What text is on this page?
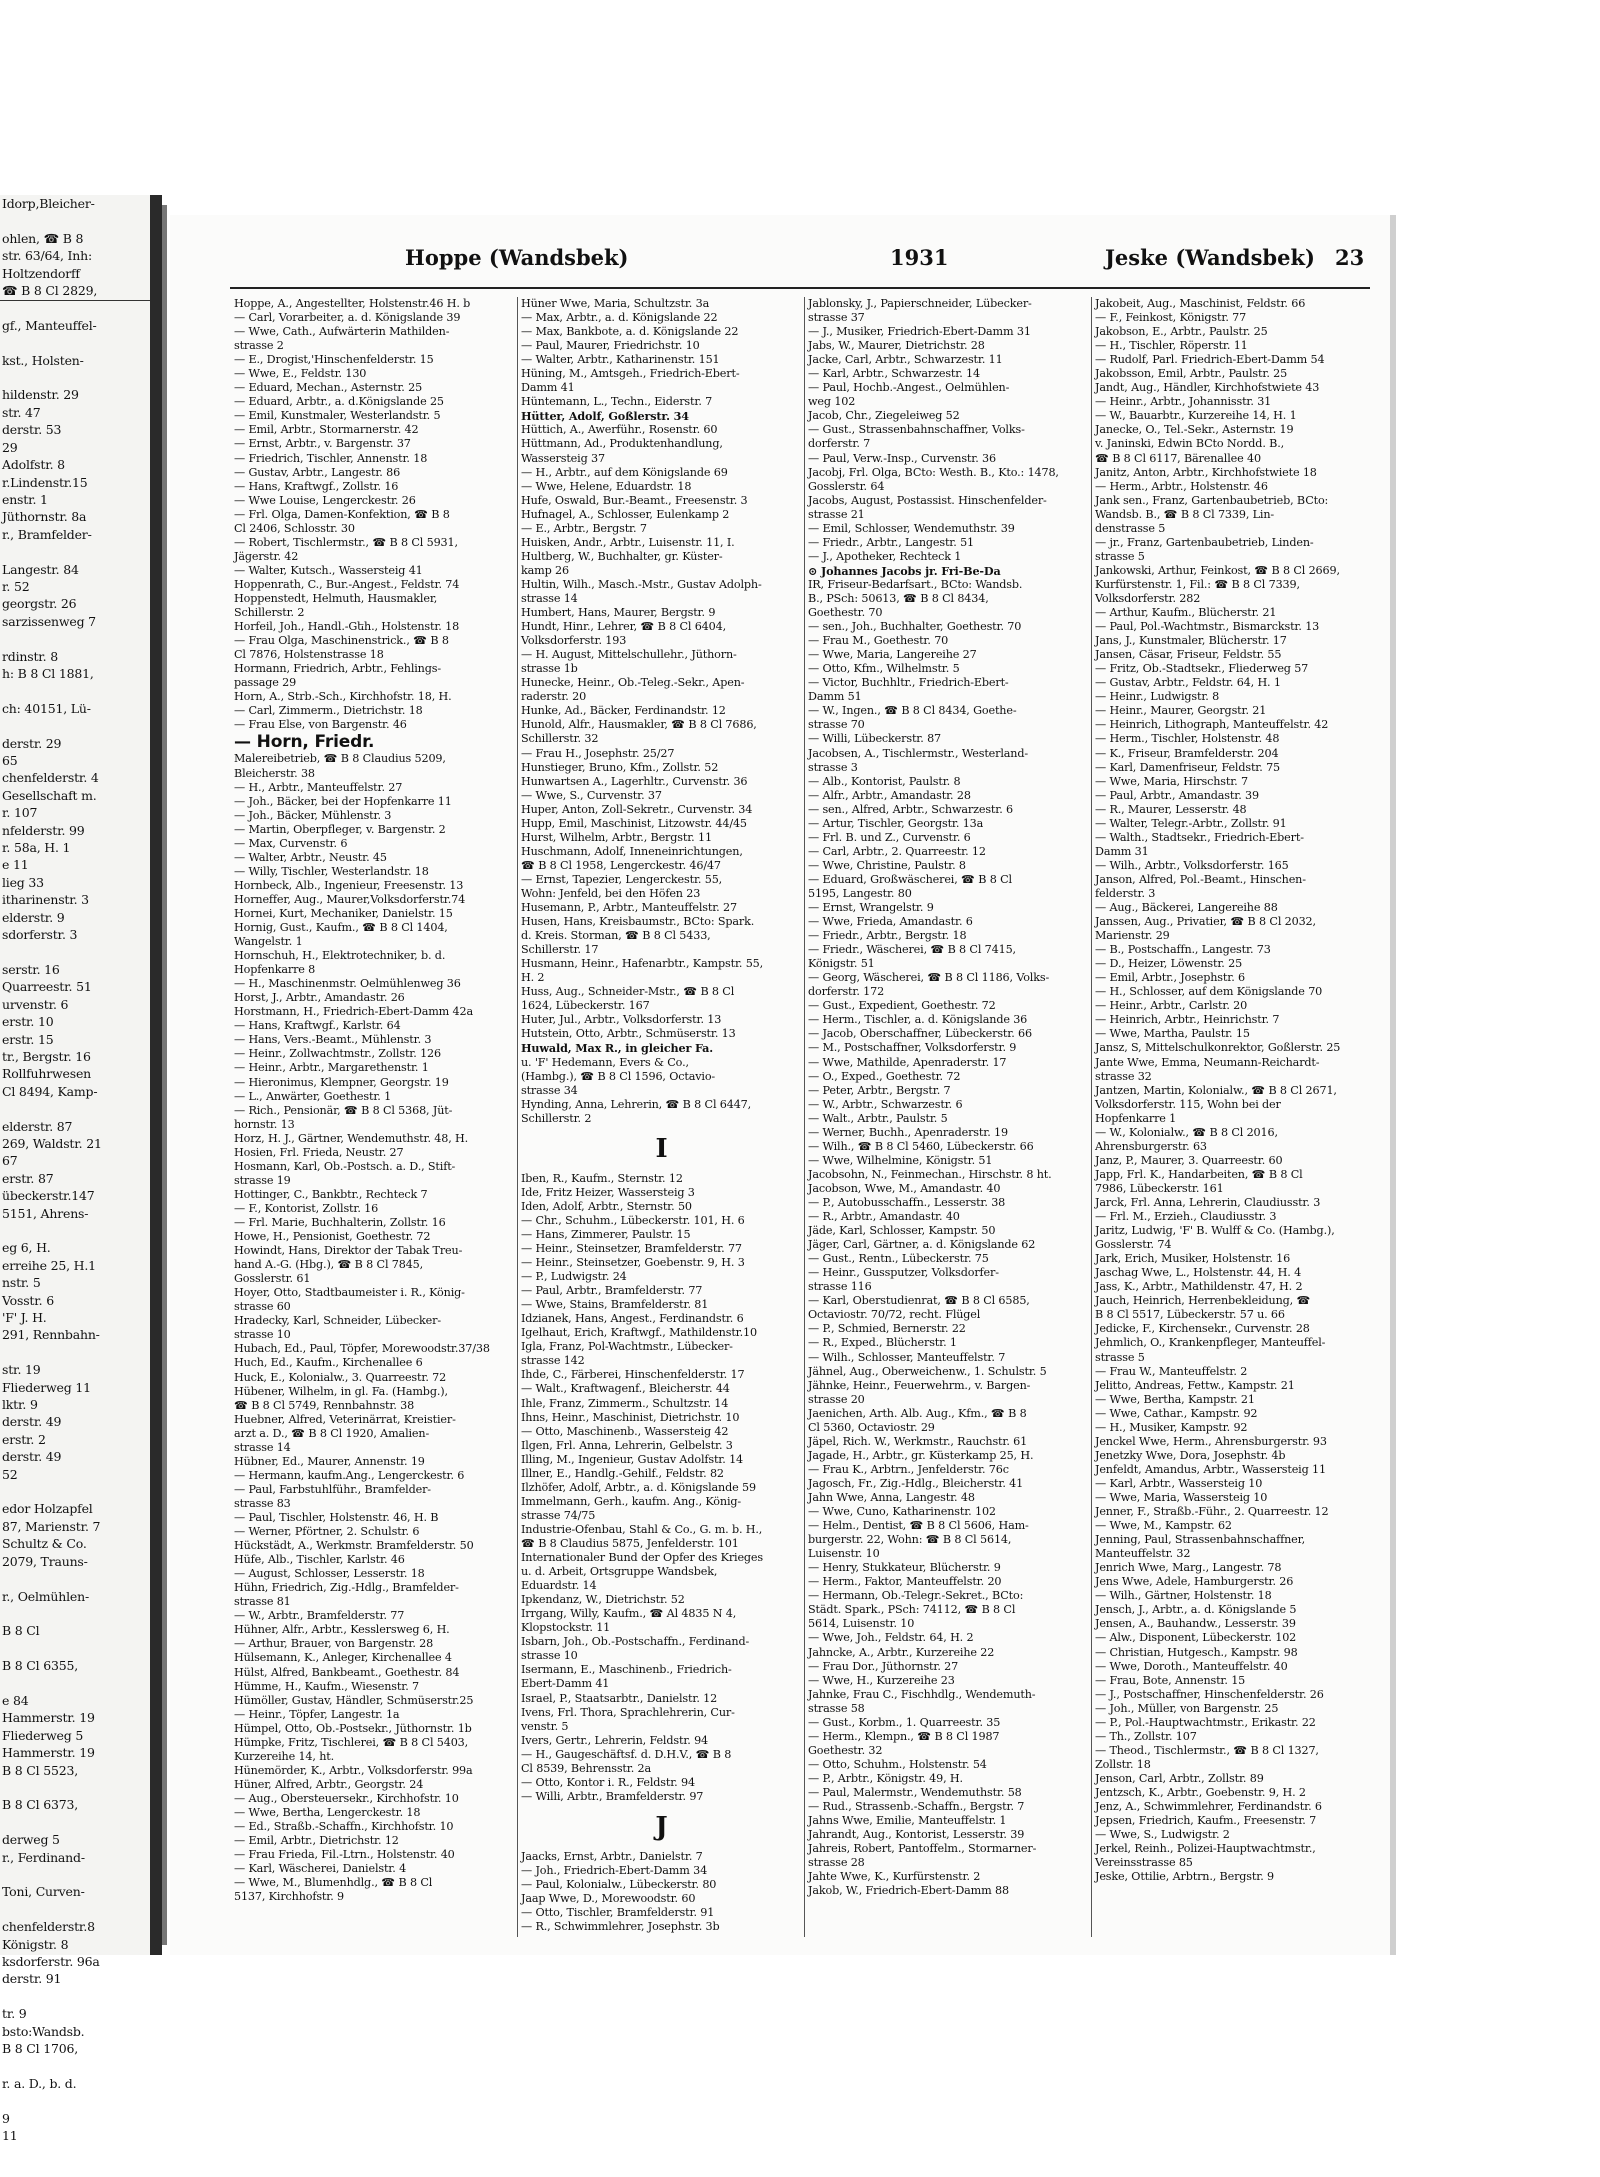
Idorp,Bleicher-

ohlen, ☎ B 8
str. 63/64, Inh:
Holtzendorff
☎ B 8 Cl 2829,

gf., Manteuffel-

kst., Holsten-

hildenstr. 29
str. 47
derstr. 53
29
Adolfstr. 8
r.Lindenstr.15
enstr. 1
Jüthornstr. 8a
r., Bramfelder-

Langestr. 84
r. 52
georgstr. 26
sarzissenweg 7

rdinstr. 8
h: B 8 Cl 1881,

ch: 40151, Lü-

derstr. 29
65
chenfelderstr. 4
Gesellschaft m.
r. 107
nfelderstr. 99
r. 58a, H. 1
e 11
lieg 33
itharinenstr. 3
elderstr. 9
sdorferstr. 3

serstr. 16
Quarreestr. 51
urvenstr. 6
erstr. 10
erstr. 15
tr., Bergstr. 16
Rollfuhrwesen
Cl 8494, Kamp-

elderstr. 87
269, Waldstr. 21
67
erstr. 87
übeckerstr.147
5151, Ahrens-

eg 6, H.
erreihe 25, H.1
nstr. 5
Vosstr. 6
'F' J. H.
291, Rennbahn-

str. 19
Fliederweg 11
lktr. 9
derstr. 49
erstr. 2
derstr. 49
52

edor Holzapfel
87, Marienstr. 7
Schultz & Co.
2079, Trauns-

r., Oelmühlen-

B 8 Cl

B 8 Cl 6355,

e 84
Hammerstr. 19
Fliederweg 5
Hammerstr. 19
B 8 Cl 5523,

B 8 Cl 6373,

derweg 5
r., Ferdinand-

Toni, Curven-

chenfelderstr.8
Königstr. 8
ksdorferstr. 96a
derstr. 91

tr. 9
bsto:Wandsb.
B 8 Cl 1706,

r. a. D., b. d.

9
11
Hoppe (Wandsbek)	1931	Jeske (Wandsbek) 23
Hoppe, A., Angestellter, Holstenstr.46 H. b
— Carl, Vorarbeiter, a. d. Königslande 39
— Wwe, Cath., Aufwärterin Mathilden-
strasse 2
— E., Drogist,'Hinschenfelderstr. 15
— Wwe, E., Feldstr. 130
— Eduard, Mechan., Asternstr. 25
— Eduard, Arbtr., a. d.Königslande 25
— Emil, Kunstmaler, Westerlandstr. 5
— Emil, Arbtr., Stormarnerstr. 42
— Ernst, Arbtr., v. Bargenstr. 37
— Friedrich, Tischler, Annenstr. 18
— Gustav, Arbtr., Langestr. 86
— Hans, Kraftwgf., Zollstr. 16
— Wwe Louise, Lengerckestr. 26
— Frl. Olga, Damen-Konfektion, ☎ B 8
Cl 2406, Schlosstr. 30
— Robert, Tischlermstr., ☎ B 8 Cl 5931,
Jägerstr. 42
— Walter, Kutsch., Wassersteig 41
Hoppenrath, C., Bur.-Angest., Feldstr. 74
Hoppenstedt, Helmuth, Hausmakler,
Schillerstr. 2
Horfeil, Joh., Handl.-Gեh., Holstenstr. 18
— Frau Olga, Maschinenstrick., ☎ B 8
Cl 7876, Holstenstrasse 18
Hormann, Friedrich, Arbtr., Fehlings-
passage 29
Horn, A., Strb.-Sch., Kirchhofstr. 18, H.
— Carl, Zimmerm., Dietrichstr. 18
— Frau Else, von Bargenstr. 46
— Horn, Friedr.
Malereibetrieb, ☎ B 8 Claudius 5209,
Bleicherstr. 38
— H., Arbtr., Manteuffelstr. 27
— Joh., Bäcker, bei der Hopfenkarre 11
— Joh., Bäcker, Mühlenstr. 3
— Martin, Oberpfleger, v. Bargenstr. 2
— Max, Curvenstr. 6
— Walter, Arbtr., Neustr. 45
— Willy, Tischler, Westerlandstr. 18
Hornbeck, Alb., Ingenieur, Freesenstr. 13
Horneffer, Aug., Maurer,Volksdorferstr.74
Hornei, Kurt, Mechaniker, Danielstr. 15
Hornig, Gust., Kaufm., ☎ B 8 Cl 1404,
Wangelstr. 1
Hornschuh, H., Elektrotechniker, b. d.
Hopfenkarre 8
— H., Maschinenmstr. Oelmühlenweg 36
Horst, J., Arbtr., Amandastr. 26
Horstmann, H., Friedrich-Ebert-Damm 42a
— Hans, Kraftwgf., Karlstr. 64
— Hans, Vers.-Beamt., Mühlenstr. 3
— Heinr., Zollwachtmstr., Zollstr. 126
— Heinr., Arbtr., Margarethenstr. 1
— Hieronimus, Klempner, Georgstr. 19
— L., Anwärter, Goethestr. 1
— Rich., Pensionär, ☎ B 8 Cl 5368, Jüt-
hornstr. 13
Horz, H. J., Gärtner, Wendemuthstr. 48, H.
Hosien, Frl. Frieda, Neustr. 27
Hosmann, Karl, Ob.-Postsch. a. D., Stift-
strasse 19
Hottinger, C., Bankbtr., Rechteck 7
— F., Kontorist, Zollstr. 16
— Frl. Marie, Buchhalterin, Zollstr. 16
Howe, H., Pensionist, Goethestr. 72
Howindt, Hans, Direktor der Tabak Treu-
hand A.-G. (Hbg.), ☎ B 8 Cl 7845,
Gosslerstr. 61
Hoyer, Otto, Stadtbaumeister i. R., König-
strasse 60
Hradecky, Karl, Schneider, Lübecker-
strasse 10
Hubach, Ed., Paul, Töpfer, Morewoodstr.37/38
Huch, Ed., Kaufm., Kirchenallee 6
Huck, E., Kolonialw., 3. Quarreestr. 72
Hübener, Wilhelm, in gl. Fa. (Hambg.),
☎ B 8 Cl 5749, Rennbahnstr. 38
Huebner, Alfred, Veterinärrat, Kreistier-
arzt a. D., ☎ B 8 Cl 1920, Amalien-
strasse 14
Hübner, Ed., Maurer, Annenstr. 19
— Hermann, kaufm.Ang., Lengerckestr. 6
— Paul, Farbstuhlführ., Bramfelder-
strasse 83
— Paul, Tischler, Holstenstr. 46, H. B
— Werner, Pförtner, 2. Schulstr. 6
Hückstädt, A., Werkmstr. Bramfelderstr. 50
Hüfe, Alb., Tischler, Karlstr. 46
— August, Schlosser, Lesserstr. 18
Hühn, Friedrich, Zig.-Hdlg., Bramfelder-
strasse 81
— W., Arbtr., Bramfelderstr. 77
Hühner, Alfr., Arbtr., Kesslersweg 6, H.
— Arthur, Brauer, von Bargenstr. 28
Hülsemann, K., Anleger, Kirchenallee 4
Hülst, Alfred, Bankbeamt., Goethestr. 84
Hümme, H., Kaufm., Wiesenstr. 7
Hümöller, Gustav, Händler, Schmüserstr.25
— Heinr., Töpfer, Langestr. 1a
Hümpel, Otto, Ob.-Postsekr., Jüthornstr. 1b
Hümpke, Fritz, Tischlerei, ☎ B 8 Cl 5403,
Kurzereihe 14, ht.
Hünemörder, K., Arbtr., Volksdorferstr. 99a
Hüner, Alfred, Arbtr., Georgstr. 24
— Aug., Obersteuersekr., Kirchhofstr. 10
— Wwe, Bertha, Lengerckestr. 18
— Ed., Straßb.-Schaffn., Kirchhofstr. 10
— Emil, Arbtr., Dietrichstr. 12
— Frau Frieda, Fil.-Ltrn., Holstenstr. 40
— Karl, Wäscherei, Danielstr. 4
— Wwe, M., Blumenhdlg., ☎ B 8 Cl
5137, Kirchhofstr. 9
Hüner Wwe, Maria, Schultzstr. 3a
— Max, Arbtr., a. d. Königslande 22
— Max, Bankbote, a. d. Königslande 22
— Paul, Maurer, Friedrichstr. 10
— Walter, Arbtr., Katharinenstr. 151
Hüning, M., Amtsgeh., Friedrich-Ebert-
Damm 41
Hüntemann, L., Techn., Eiderstr. 7
Hütter, Adolf, Goßlerstr. 34
Hüttich, A., Awerführ., Rosenstr. 60
Hüttmann, Ad., Produktenhandlung,
Wassersteig 37
— H., Arbtr., auf dem Königslande 69
— Wwe, Helene, Eduardstr. 18
Hufe, Oswald, Bur.-Beamt., Freesenstr. 3
Hufnagel, A., Schlosser, Eulenkamp 2
— E., Arbtr., Bergstr. 7
Huisken, Andr., Arbtr., Luisenstr. 11, I.
Hultberg, W., Buchhalter, gr. Küster-
kamp 26
Hultin, Wilh., Masch.-Mstr., Gustav Adolph-
strasse 14
Humbert, Hans, Maurer, Bergstr. 9
Hundt, Hinr., Lehrer, ☎ B 8 Cl 6404,
Volksdorferstr. 193
— H. August, Mittelschullehr., Jüthorn-
strasse 1b
Hunecke, Heinr., Ob.-Teleg.-Sekr., Apen-
raderstr. 20
Hunke, Ad., Bäcker, Ferdinandstr. 12
Hunold, Alfr., Hausmakler, ☎ B 8 Cl 7686,
Schillerstr. 32
— Frau H., Josephstr. 25/27
Hunstieger, Bruno, Kfm., Zollstr. 52
Hunwartsen A., Lagerhltr., Curvenstr. 36
— Wwe, S., Curvenstr. 37
Huper, Anton, Zoll-Sekretr., Curvenstr. 34
Hupp, Emil, Maschinist, Litzowstr. 44/45
Hurst, Wilhelm, Arbtr., Bergstr. 11
Huschmann, Adolf, Inneneinrichtungen,
☎ B 8 Cl 1958, Lengerckestr. 46/47
— Ernst, Tapezier, Lengerckestr. 55,
Wohn: Jenfeld, bei den Höfen 23
Husemann, P., Arbtr., Manteuffelstr. 27
Husen, Hans, Kreisbaumstr., BCto: Spark.
d. Kreis. Storman, ☎ B 8 Cl 5433,
Schillerstr. 17
Husmann, Heinr., Hafenarbtr., Kampstr. 55,
H. 2
Huss, Aug., Schneider-Mstr., ☎ B 8 Cl
1624, Lübeckerstr. 167
Huter, Jul., Arbtr., Volksdorferstr. 13
Hutstein, Otto, Arbtr., Schmüserstr. 13
Huwald, Max R., in gleicher Fa.
u. 'F' Hedemann, Evers & Co.,
(Hambg.), ☎ B 8 Cl 1596, Octavio-
strasse 34
Hynding, Anna, Lehrerin, ☎ B 8 Cl 6447,
Schillerstr. 2
I
Iben, R., Kaufm., Sternstr. 12
Ide, Fritz Heizer, Wassersteig 3
Iden, Adolf, Arbtr., Sternstr. 50
— Chr., Schuhm., Lübeckerstr. 101, H. 6
— Hans, Zimmerer, Paulstr. 15
— Heinr., Steinsetzer, Bramfelderstr. 77
— Heinr., Steinsetzer, Goebenstr. 9, H. 3
— P., Ludwigstr. 24
— Paul, Arbtr., Bramfelderstr. 77
— Wwe, Stains, Bramfelderstr. 81
Idzianek, Hans, Angest., Ferdinandstr. 6
Igelhaut, Erich, Kraftwgf., Mathildenstr.10
Igla, Franz, Pol-Wachtmstr., Lübecker-
strasse 142
Ihde, C., Färberei, Hinschenfelderstr. 17
— Walt., Kraftwagenf., Bleicherstr. 44
Ihle, Franz, Zimmerm., Schultzstr. 14
Ihns, Heinr., Maschinist, Dietrichstr. 10
— Otto, Maschinenb., Wassersteig 42
Ilgen, Frl. Anna, Lehrerin, Gelbelstr. 3
Illing, M., Ingenieur, Gustav Adolfstr. 14
Illner, E., Handlg.-Gehilf., Feldstr. 82
Ilzhöfer, Adolf, Arbtr., a. d. Königslande 59
Immelmann, Gerh., kaufm. Ang., König-
strasse 74/75
Industrie-Ofenbau, Stahl & Co., G. m. b. H.,
☎ B 8 Claudius 5875, Jenfelderstr. 101
Internationaler Bund der Opfer des Krieges
u. d. Arbeit, Ortsgruppe Wandsbek,
Eduardstr. 14
Ipkendanz, W., Dietrichstr. 52
Irrgang, Willy, Kaufm., ☎ Al 4835 N 4,
Klopstockstr. 11
Isbarn, Joh., Ob.-Postschaffn., Ferdinand-
strasse 10
Isermann, E., Maschinenb., Friedrich-
Ebert-Damm 41
Israel, P., Staatsarbtr., Danielstr. 12
Ivens, Frl. Thora, Sprachlehrerin, Cur-
venstr. 5
Ivers, Gertr., Lehrerin, Feldstr. 94
— H., Gaugeschäftsf. d. D.H.V., ☎ B 8
Cl 8539, Behrensstr. 2a
— Otto, Kontor i. R., Feldstr. 94
— Willi, Arbtr., Bramfelderstr. 97
J
Jaacks, Ernst, Arbtr., Danielstr. 7
— Joh., Friedrich-Ebert-Damm 34
— Paul, Kolonialw., Lübeckerstr. 80
Jaap Wwe, D., Morewoodstr. 60
— Otto, Tischler, Bramfelderstr. 91
— R., Schwimmlehrer, Josephstr. 3b
Jablonsky, J., Papierschneider, Lübecker-
strasse 37
— J., Musiker, Friedrich-Ebert-Damm 31
Jabs, W., Maurer, Dietrichstr. 28
Jacke, Carl, Arbtr., Schwarzestr. 11
— Karl, Arbtr., Schwarzestr. 14
— Paul, Hochb.-Angest., Oelmühlen-
weg 102
Jacob, Chr., Ziegeleiweg 52
— Gust., Strassenbahnschaffner, Volks-
dorferstr. 7
— Paul, Verw.-Insp., Curvenstr. 36
Jacobj, Frl. Olga, BCto: Westh. B., Kto.: 1478,
Gosslerstr. 64
Jacobs, August, Postassist. Hinschenfelder-
strasse 21
— Emil, Schlosser, Wendemuthstr. 39
— Friedr., Arbtr., Langestr. 51
— J., Apotheker, Rechteck 1
⊙ Johannes Jacobs jr. Fri-Be-Da
IR, Friseur-Bedarfsart., BCto: Wandsb.
B., PSch: 50613, ☎ B 8 Cl 8434,
Goethestr. 70
— sen., Joh., Buchhalter, Goethestr. 70
— Frau M., Goethestr. 70
— Wwe, Maria, Langereihe 27
— Otto, Kfm., Wilhelmstr. 5
— Victor, Buchhltr., Friedrich-Ebert-
Damm 51
— W., Ingen., ☎ B 8 Cl 8434, Goethe-
strasse 70
— Willi, Lübeckerstr. 87
Jacobsen, A., Tischlermstr., Westerland-
strasse 3
— Alb., Kontorist, Paulstr. 8
— Alfr., Arbtr., Amandastr. 28
— sen., Alfred, Arbtr., Schwarzestr. 6
— Artur, Tischler, Georgstr. 13a
— Frl. B. und Z., Curvenstr. 6
— Carl, Arbtr., 2. Quarreestr. 12
— Wwe, Christine, Paulstr. 8
— Eduard, Großwäscherei, ☎ B 8 Cl
5195, Langestr. 80
— Ernst, Wrangelstr. 9
— Wwe, Frieda, Amandastr. 6
— Friedr., Arbtr., Bergstr. 18
— Friedr., Wäscherei, ☎ B 8 Cl 7415,
Königstr. 51
— Georg, Wäscherei, ☎ B 8 Cl 1186, Volks-
dorferstr. 172
— Gust., Expedient, Goethestr. 72
— Herm., Tischler, a. d. Königslande 36
— Jacob, Oberschaffner, Lübeckerstr. 66
— M., Postschaffner, Volksdorferstr. 9
— Wwe, Mathilde, Apenraderstr. 17
— O., Exped., Goethestr. 72
— Peter, Arbtr., Bergstr. 7
— W., Arbtr., Schwarzestr. 6
— Walt., Arbtr., Paulstr. 5
— Werner, Buchh., Apenraderstr. 19
— Wilh., ☎ B 8 Cl 5460, Lübeckerstr. 66
— Wwe, Wilhelmine, Königstr. 51
Jacobsohn, N., Feinmechan., Hirschstr. 8 ht.
Jacobson, Wwe, M., Amandastr. 40
— P., Autobusschaffn., Lesserstr. 38
— R., Arbtr., Amandastr. 40
Jäde, Karl, Schlosser, Kampstr. 50
Jäger, Carl, Gärtner, a. d. Königslande 62
— Gust., Rentn., Lübeckerstr. 75
— Heinr., Gussputzer, Volksdorfer-
strasse 116
— Karl, Oberstudienrat, ☎ B 8 Cl 6585,
Octaviostr. 70/72, recht. Flügel
— P., Schmied, Bernerstr. 22
— R., Exped., Blücherstr. 1
— Wilh., Schlosser, Manteuffelstr. 7
Jähnel, Aug., Oberweichenw., 1. Schulstr. 5
Jähnke, Heinr., Feuerwehrm., v. Bargen-
strasse 20
Jaenichen, Arth. Alb. Aug., Kfm., ☎ B 8
Cl 5360, Octaviostr. 29
Jäpel, Rich. W., Werkmstr., Rauchstr. 61
Jagade, H., Arbtr., gr. Küsterkamp 25, H.
— Frau K., Arbtrn., Jenfelderstr. 76c
Jagosch, Fr., Zig.-Hdlg., Bleicherstr. 41
Jahn Wwe, Anna, Langestr. 48
— Wwe, Cuno, Katharinenstr. 102
— Helm., Dentist, ☎ B 8 Cl 5606, Ham-
burgerstr. 22, Wohn: ☎ B 8 Cl 5614,
Luisenstr. 10
— Henry, Stukkateur, Blücherstr. 9
— Herm., Faktor, Manteuffelstr. 20
— Hermann, Ob.-Telegr.-Sekret., BCto:
Städt. Spark., PSch: 74112, ☎ B 8 Cl
5614, Luisenstr. 10
— Wwe, Joh., Feldstr. 64, H. 2
Jahncke, A., Arbtr., Kurzereihe 22
— Frau Dor., Jüthornstr. 27
— Wwe, H., Kurzereihe 23
Jahnke, Frau C., Fischhdlg., Wendemuth-
strasse 58
— Gust., Korbm., 1. Quarreestr. 35
— Herm., Klempn., ☎ B 8 Cl 1987
Goethestr. 32
— Otto, Schuhm., Holstenstr. 54
— P., Arbtr., Königstr. 49, H.
— Paul, Malermstr., Wendemuthstr. 58
— Rud., Strassenb.-Schaffn., Bergstr. 7
Jahns Wwe, Emilie, Manteuffelstr. 1
Jahrandt, Aug., Kontorist, Lesserstr. 39
Jahreis, Robert, Pantoffelm., Stormarner-
strasse 28
Jahte Wwe, K., Kurfürstenstr. 2
Jakob, W., Friedrich-Ebert-Damm 88
Jakobeit, Aug., Maschinist, Feldstr. 66
— F., Feinkost, Königstr. 77
Jakobson, E., Arbtr., Paulstr. 25
— H., Tischler, Röperstr. 11
— Rudolf, Parl. Friedrich-Ebert-Damm 54
Jakobsson, Emil, Arbtr., Paulstr. 25
Jandt, Aug., Händler, Kirchhofstwiete 43
— Heinr., Arbtr., Johannisstr. 31
— W., Bauarbtr., Kurzereihe 14, H. 1
Janecke, O., Tel.-Sekr., Asternstr. 19
v. Janinski, Edwin BCto Nordd. B.,
☎ B 8 Cl 6117, Bärenallee 40
Janitz, Anton, Arbtr., Kirchhofstwiete 18
— Herm., Arbtr., Holstenstr. 46
Jank sen., Franz, Gartenbaubetrieb, BCto:
Wandsb. B., ☎ B 8 Cl 7339, Lin-
denstrasse 5
— jr., Franz, Gartenbaubetrieb, Linden-
strasse 5
Jankowski, Arthur, Feinkost, ☎ B 8 Cl 2669,
Kurfürstenstr. 1, Fil.: ☎ B 8 Cl 7339,
Volksdorferstr. 282
— Arthur, Kaufm., Blücherstr. 21
— Paul, Pol.-Wachtmstr., Bismarckstr. 13
Jans, J., Kunstmaler, Blücherstr. 17
Jansen, Cäsar, Friseur, Feldstr. 55
— Fritz, Ob.-Stadtsekr., Fliederweg 57
— Gustav, Arbtr., Feldstr. 64, H. 1
— Heinr., Ludwigstr. 8
— Heinr., Maurer, Georgstr. 21
— Heinrich, Lithograph, Manteuffelstr. 42
— Herm., Tischler, Holstenstr. 48
— K., Friseur, Bramfelderstr. 204
— Karl, Damenfriseur, Feldstr. 75
— Wwe, Maria, Hirschstr. 7
— Paul, Arbtr., Amandastr. 39
— R., Maurer, Lesserstr. 48
— Walter, Telegr.-Arbtr., Zollstr. 91
— Walth., Stadtsekr., Friedrich-Ebert-
Damm 31
— Wilh., Arbtr., Volksdorferstr. 165
Janson, Alfred, Pol.-Beamt., Hinschen-
felderstr. 3
— Aug., Bäckerei, Langereihe 88
Janssen, Aug., Privatier, ☎ B 8 Cl 2032,
Marienstr. 29
— B., Postschaffn., Langestr. 73
— D., Heizer, Löwenstr. 25
— Emil, Arbtr., Josephstr. 6
— H., Schlosser, auf dem Königslande 70
— Heinr., Arbtr., Carlstr. 20
— Heinrich, Arbtr., Heinrichstr. 7
— Wwe, Martha, Paulstr. 15
Jansz, S, Mittelschulkonrektor, Goßlerstr. 25
Jante Wwe, Emma, Neumann-Reichardt-
strasse 32
Jantzen, Martin, Kolonialw., ☎ B 8 Cl 2671,
Volksdorferstr. 115, Wohn bei der
Hopfenkarre 1
— W., Kolonialw., ☎ B 8 Cl 2016,
Ahrensburgerstr. 63
Janz, P., Maurer, 3. Quarreestr. 60
Japp, Frl. K., Handarbeiten, ☎ B 8 Cl
7986, Lübeckerstr. 161
Jarck, Frl. Anna, Lehrerin, Claudiusstr. 3
— Frl. M., Erzieh., Claudiusstr. 3
Jaritz, Ludwig, 'F' B. Wulff & Co. (Hambg.),
Gosslerstr. 74
Jark, Erich, Musiker, Holstenstr. 16
Jaschag Wwe, L., Holstenstr. 44, H. 4
Jass, K., Arbtr., Mathildenstr. 47, H. 2
Jauch, Heinrich, Herrenbekleidung, ☎
B 8 Cl 5517, Lübeckerstr. 57 u. 66
Jedicke, F., Kirchensekr., Curvenstr. 28
Jehmlich, O., Krankenpfleger, Manteuffel-
strasse 5
— Frau W., Manteuffelstr. 2
Jelitto, Andreas, Fettw., Kampstr. 21
— Wwe, Bertha, Kampstr. 21
— Wwe, Cathar., Kampstr. 92
— H., Musiker, Kampstr. 92
Jenckel Wwe, Herm., Ahrensburgerstr. 93
Jenetzky Wwe, Dora, Josephstr. 4b
Jenfeldt, Amandus, Arbtr., Wassersteig 11
— Karl, Arbtr., Wassersteig 10
— Wwe, Maria, Wassersteig 10
Jenner, F., Straßb.-Führ., 2. Quarreestr. 12
— Wwe, M., Kampstr. 62
Jenning, Paul, Strassenbahnschaffner,
Manteuffelstr. 32
Jenrich Wwe, Marg., Langestr. 78
Jens Wwe, Adele, Hamburgerstr. 26
— Wilh., Gärtner, Holstenstr. 18
Jensch, J., Arbtr., a. d. Königslande 5
Jensen, A., Bauhandw., Lesserstr. 39
— Alw., Disponent, Lübeckerstr. 102
— Christian, Hutgesch., Kampstr. 98
— Wwe, Doroth., Manteuffelstr. 40
— Frau, Bote, Annenstr. 15
— J., Postschaffner, Hinschenfelderstr. 26
— Joh., Müller, von Bargenstr. 25
— P., Pol.-Hauptwachtmstr., Erikastr. 22
— Th., Zollstr. 107
— Theod., Tischlermstr., ☎ B 8 Cl 1327,
Zollstr. 18
Jenson, Carl, Arbtr., Zollstr. 89
Jentzsch, K., Arbtr., Goebenstr. 9, H. 2
Jenz, A., Schwimmlehrer, Ferdinandstr. 6
Jepsen, Friedrich, Kaufm., Freesenstr. 7
— Wwe, S., Ludwigstr. 2
Jerkel, Reinh., Polizei-Hauptwachtmstr.,
Vereinsstrasse 85
Jeske, Ottilie, Arbtrn., Bergstr. 9
